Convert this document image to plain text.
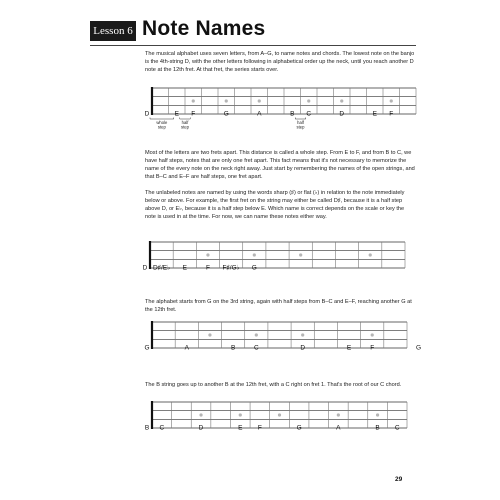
Lesson 6 Note Names

The musical alphabet uses seven letters, from A–G, to name notes and chords. The lowest note on the banjo is the 4th-string D, with the other letters following in alphabetical order up the neck, until you reach another D note at the 12th fret. At that fret, the series starts over.

D	E F	G	A	B C	D	E F
whole
step
half
step
half
step

Most of the letters are two frets apart. This distance is called a whole step. From E to F, and from B to C, we have half steps, notes that are only one fret apart. This fact means that it's not necessary to memorize the name of the every note on the neck right away. Just start by remembering the names of the open strings, and that B–C and E–F are half steps, one fret apart.

The unlabeled notes are named by using the words sharp (♯) or flat (♭) in relation to the note immediately below or above. For example, the first fret on the string may either be called D♯, because it is a half step above D, or E♭, because it is a half step below E. Which name is correct depends on the scale or key the note is used in at the time. For now, we can name these notes either way.

D D♯/E♭ E	F F♯/G♭ G

The alphabet starts from G on the 3rd string, again with half steps from B–C and E–F, reaching another G at the 12th fret.

G	A	B	C	D	E	F	G

The B string goes up to another B at the 12th fret, with a C right on fret 1. That's the root of our C chord.

B C	D	E F	G	A	B C
29
